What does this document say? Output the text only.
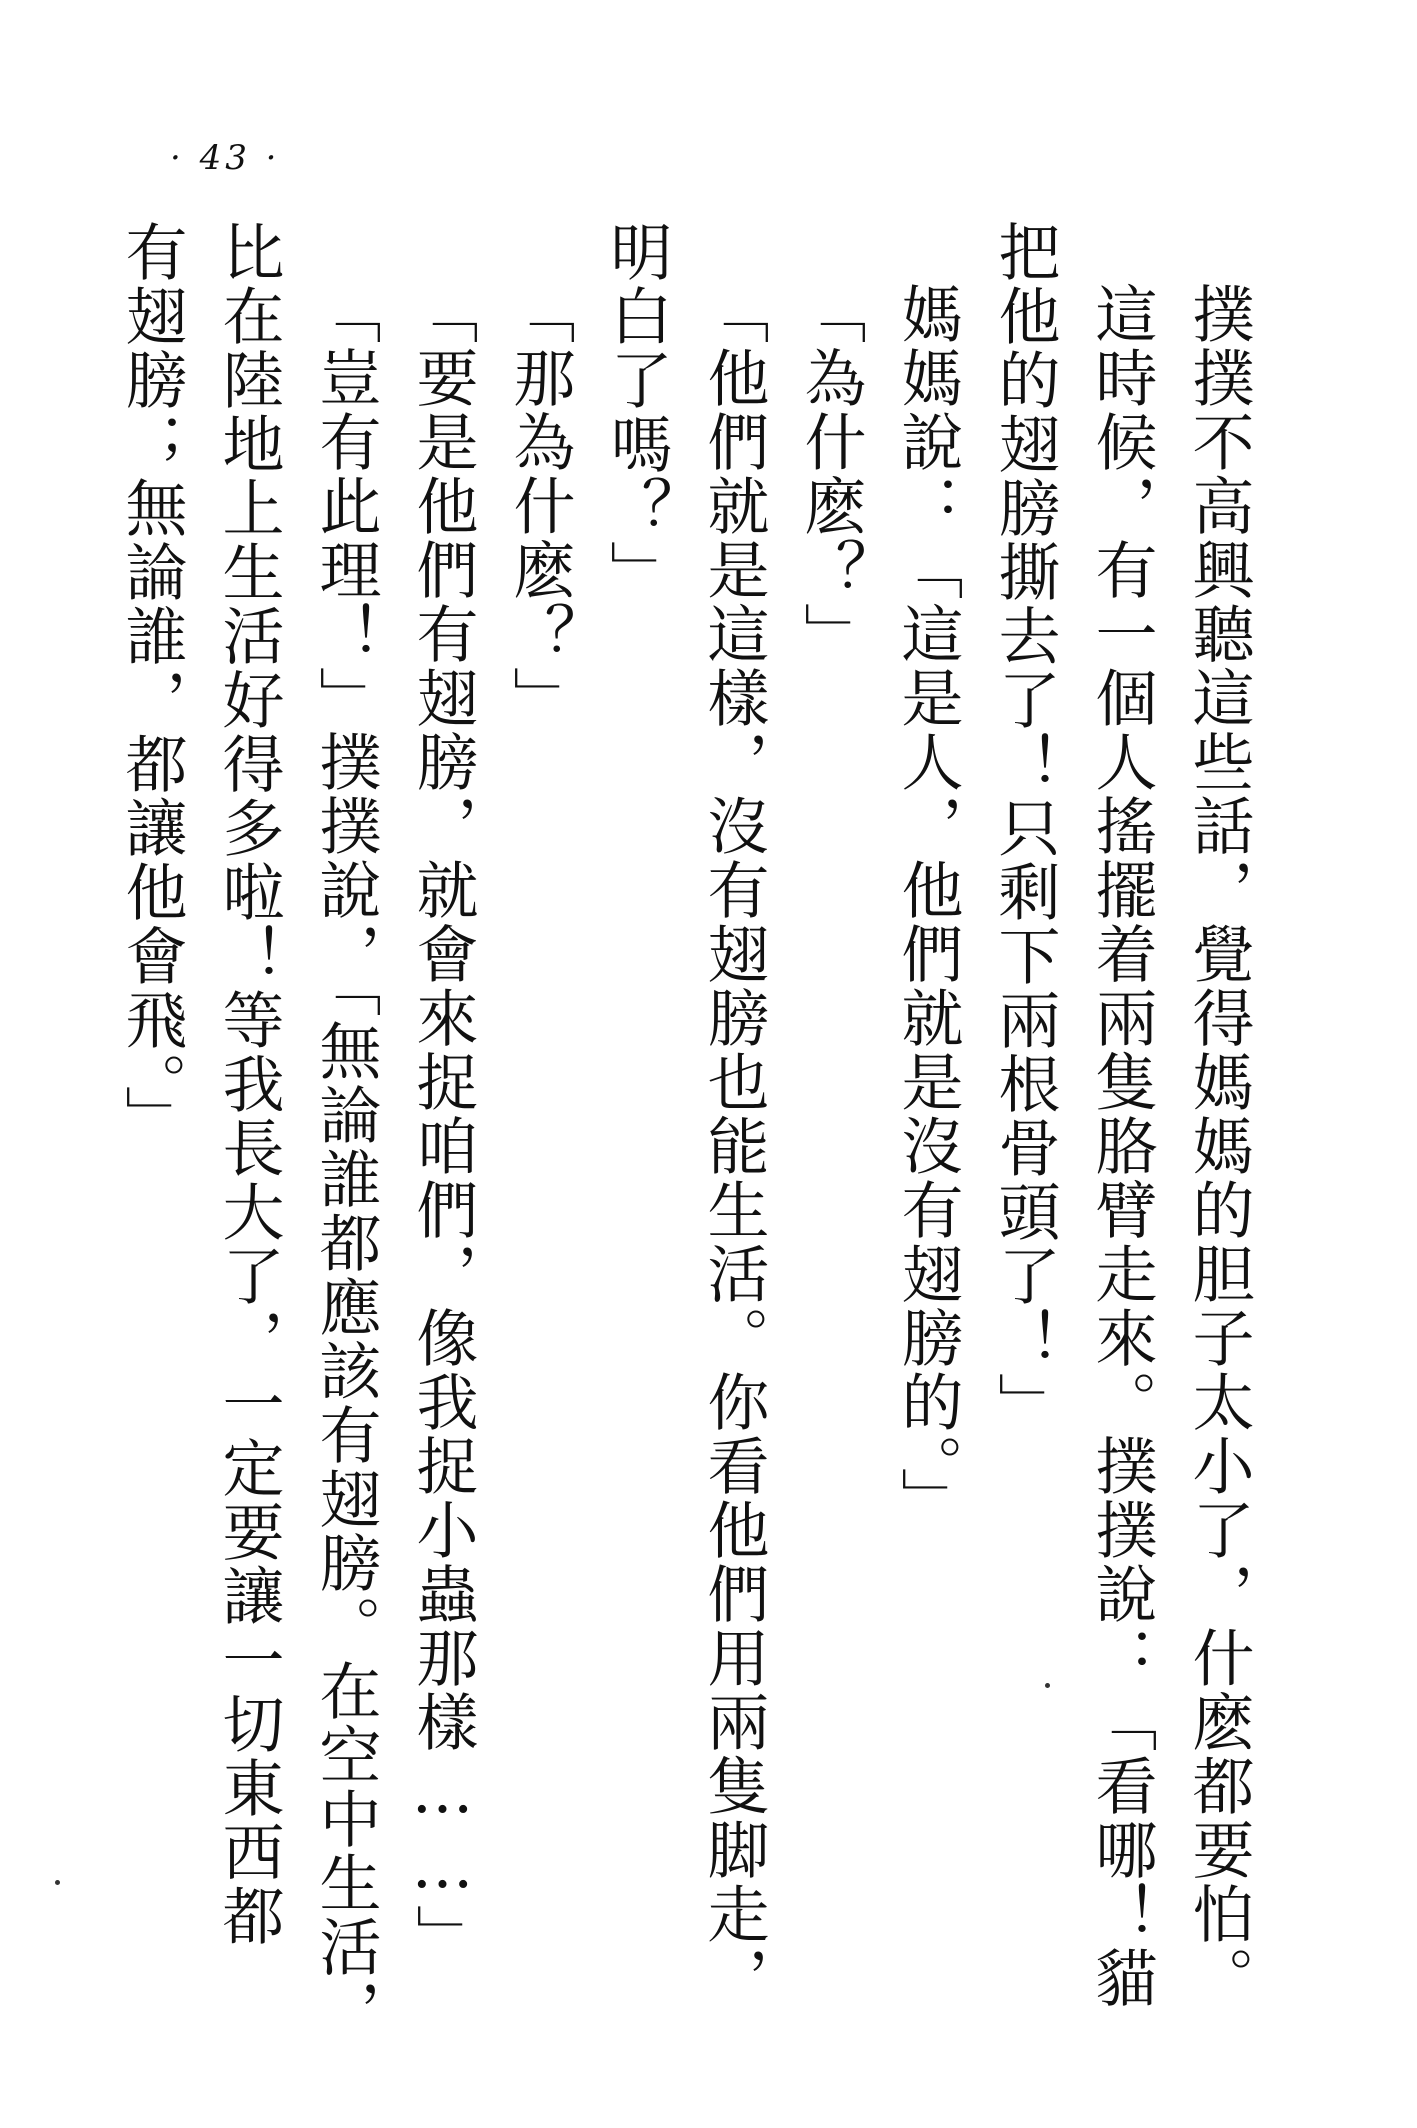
· 43 ·
撲撲不高興聽這些話，覺得媽媽的胆子太小了，什麽都要怕。
這時候，有一個人搖擺着兩隻胳臂走來。撲撲說：「看哪！貓
把他的翅膀撕去了！只剩下兩根骨頭了！」
媽媽說：「這是人，他們就是沒有翅膀的。」
「為什麽？」
「他們就是這樣，沒有翅膀也能生活。你看他們用兩隻脚走，
明白了嗎？」
「那為什麽？」
「要是他們有翅膀，就會來捉咱們，像我捉小蟲那樣……」
「豈有此理！」撲撲說，「無論誰都應該有翅膀。在空中生活，
比在陸地上生活好得多啦！等我長大了，一定要讓一切東西都
有翅膀；無論誰，都讓他會飛。」
